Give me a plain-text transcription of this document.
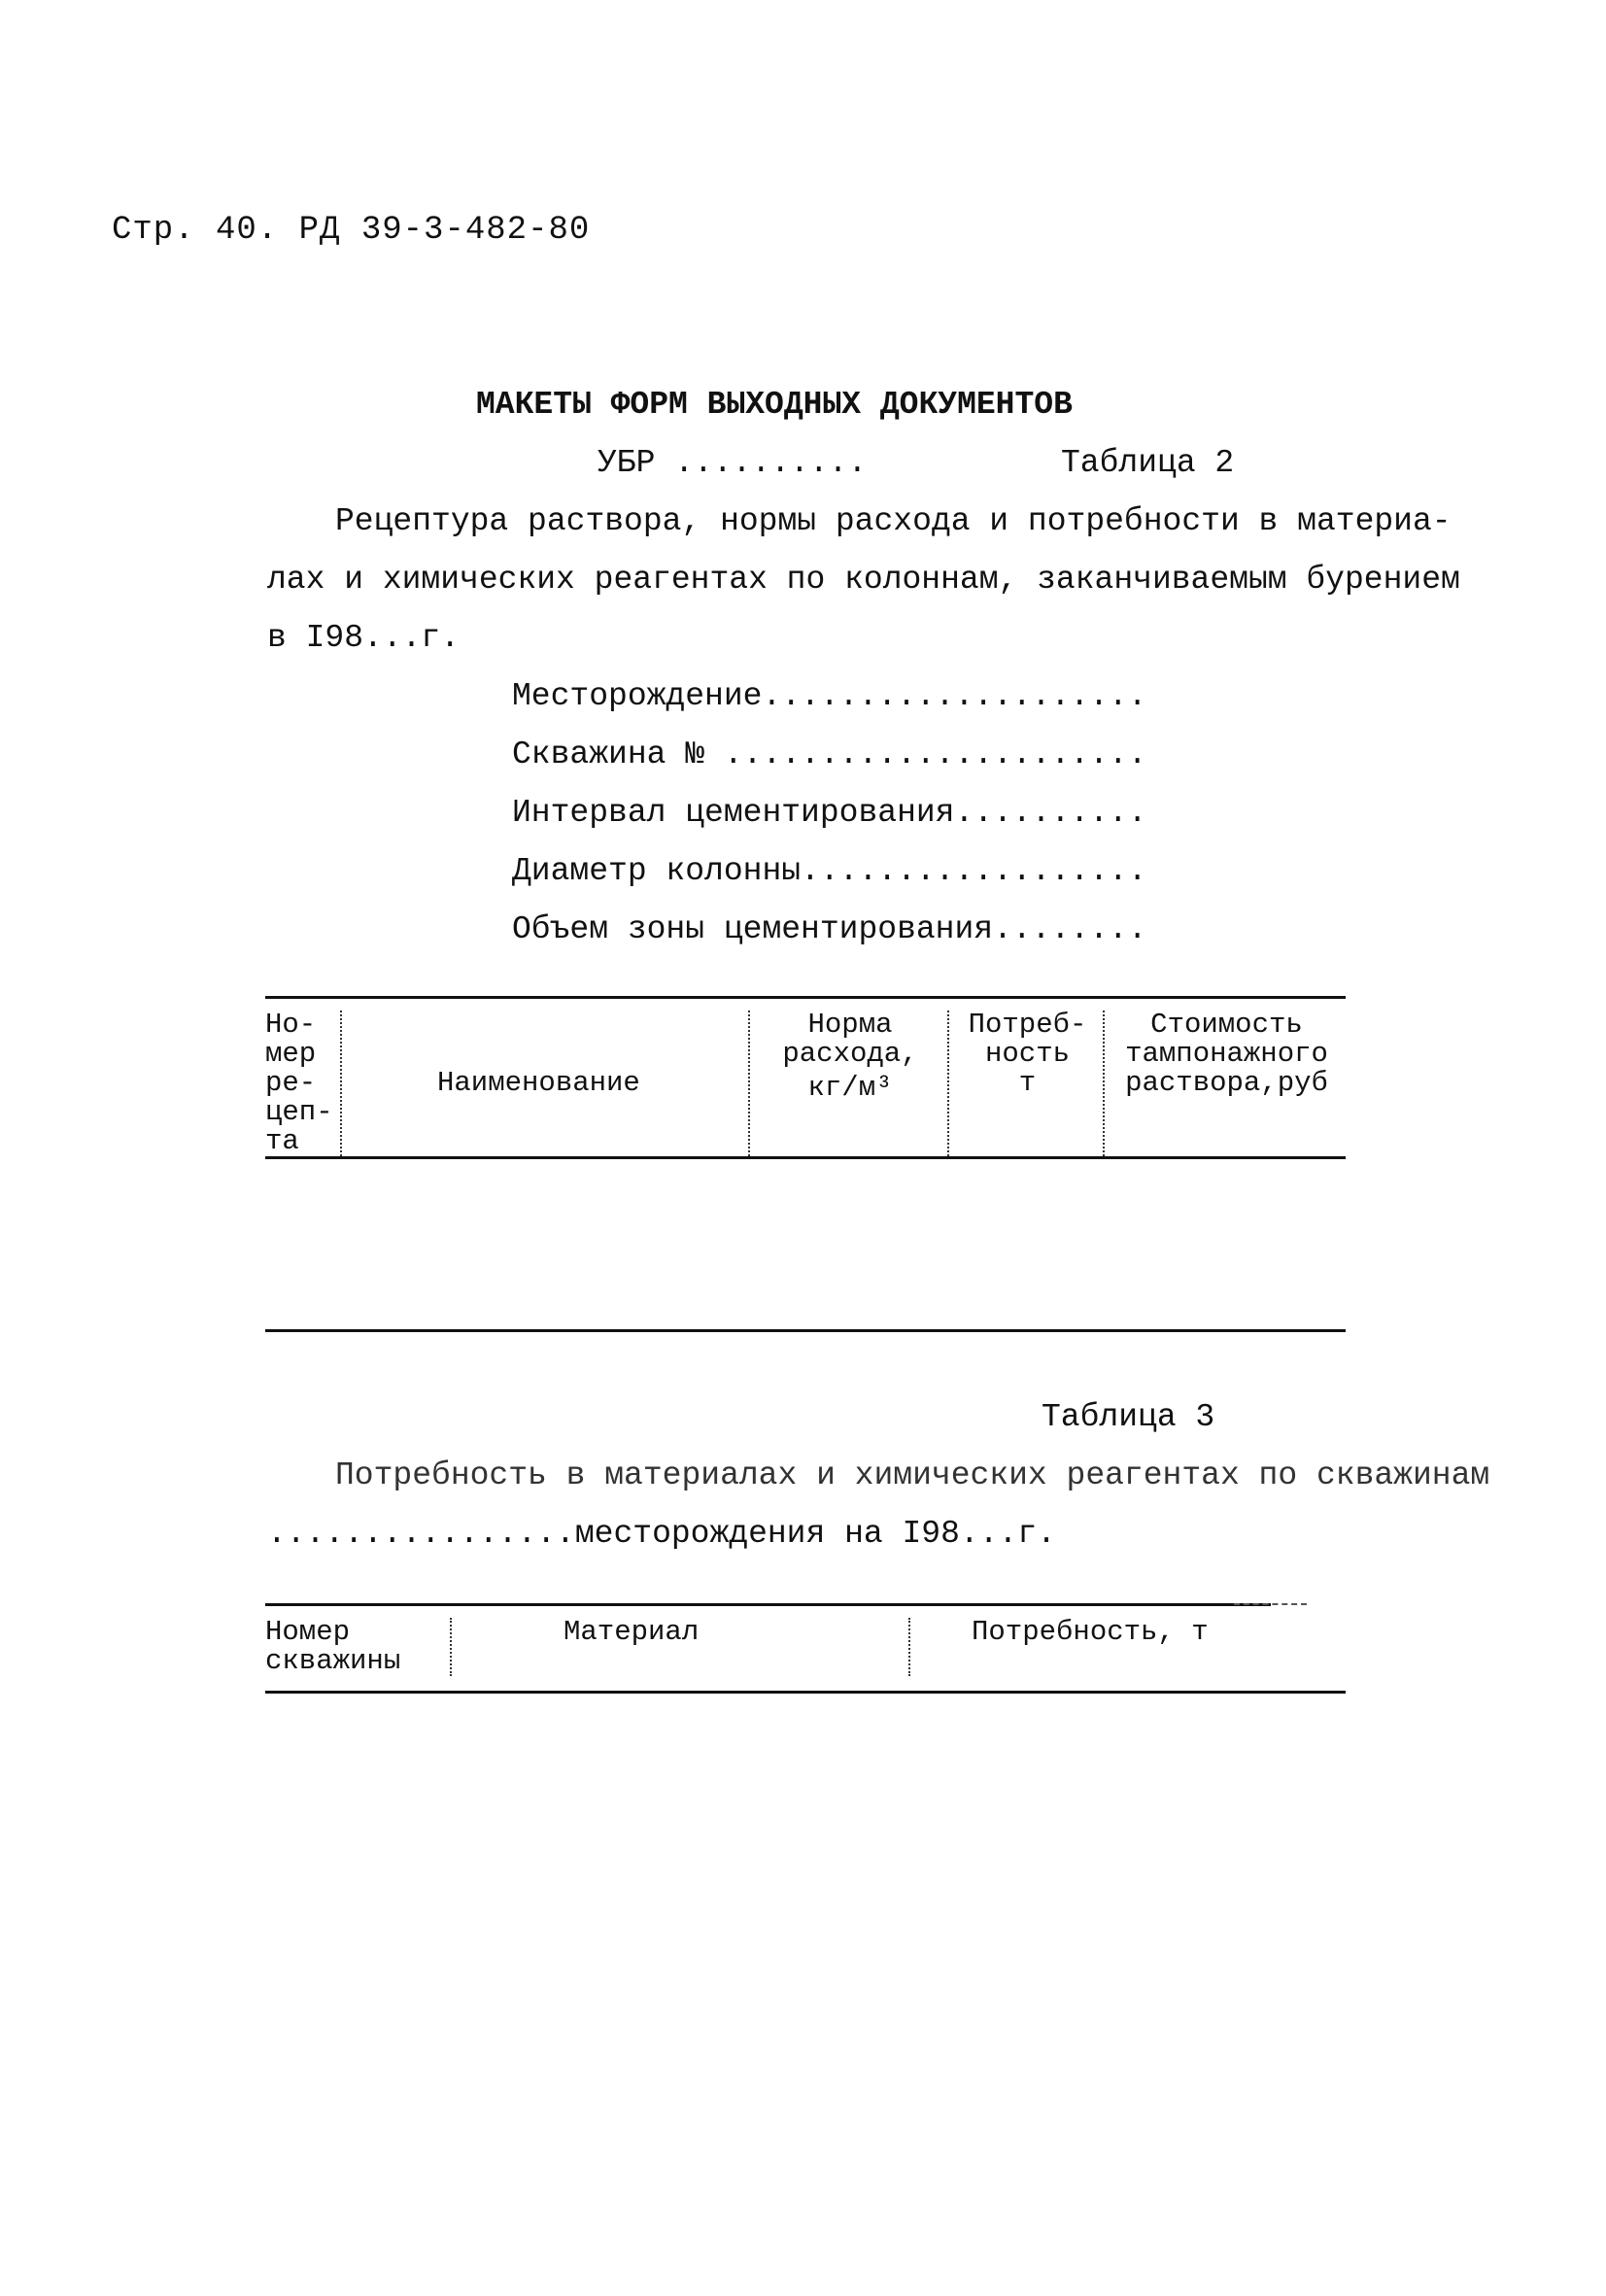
Стр. 40. РД 39-3-482-80
МАКЕТЫ ФОРМ ВЫХОДНЫХ ДОКУМЕНТОВ
УБР ..........	Таблица 2
Рецептура раствора, нормы расхода и потребности в материа-
лах и химических реагентах по колоннам, заканчиваемым бурением
в I98...г.
Месторождение....................
Скважина № ......................
Интервал цементирования..........
Диаметр колонны..................
Объем зоны цементирования........
Но-
мер
ре-
цеп-
та
Наименование
Норма
расхода,
кг/м³
Потреб-
ность
т
Стоимость
тампонажного
раствора,руб
Таблица 3
Потребность в материалах и химических реагентах по скважинам
................месторождения на I98...г.
Номер
скважины
Материал	Потребность, т
